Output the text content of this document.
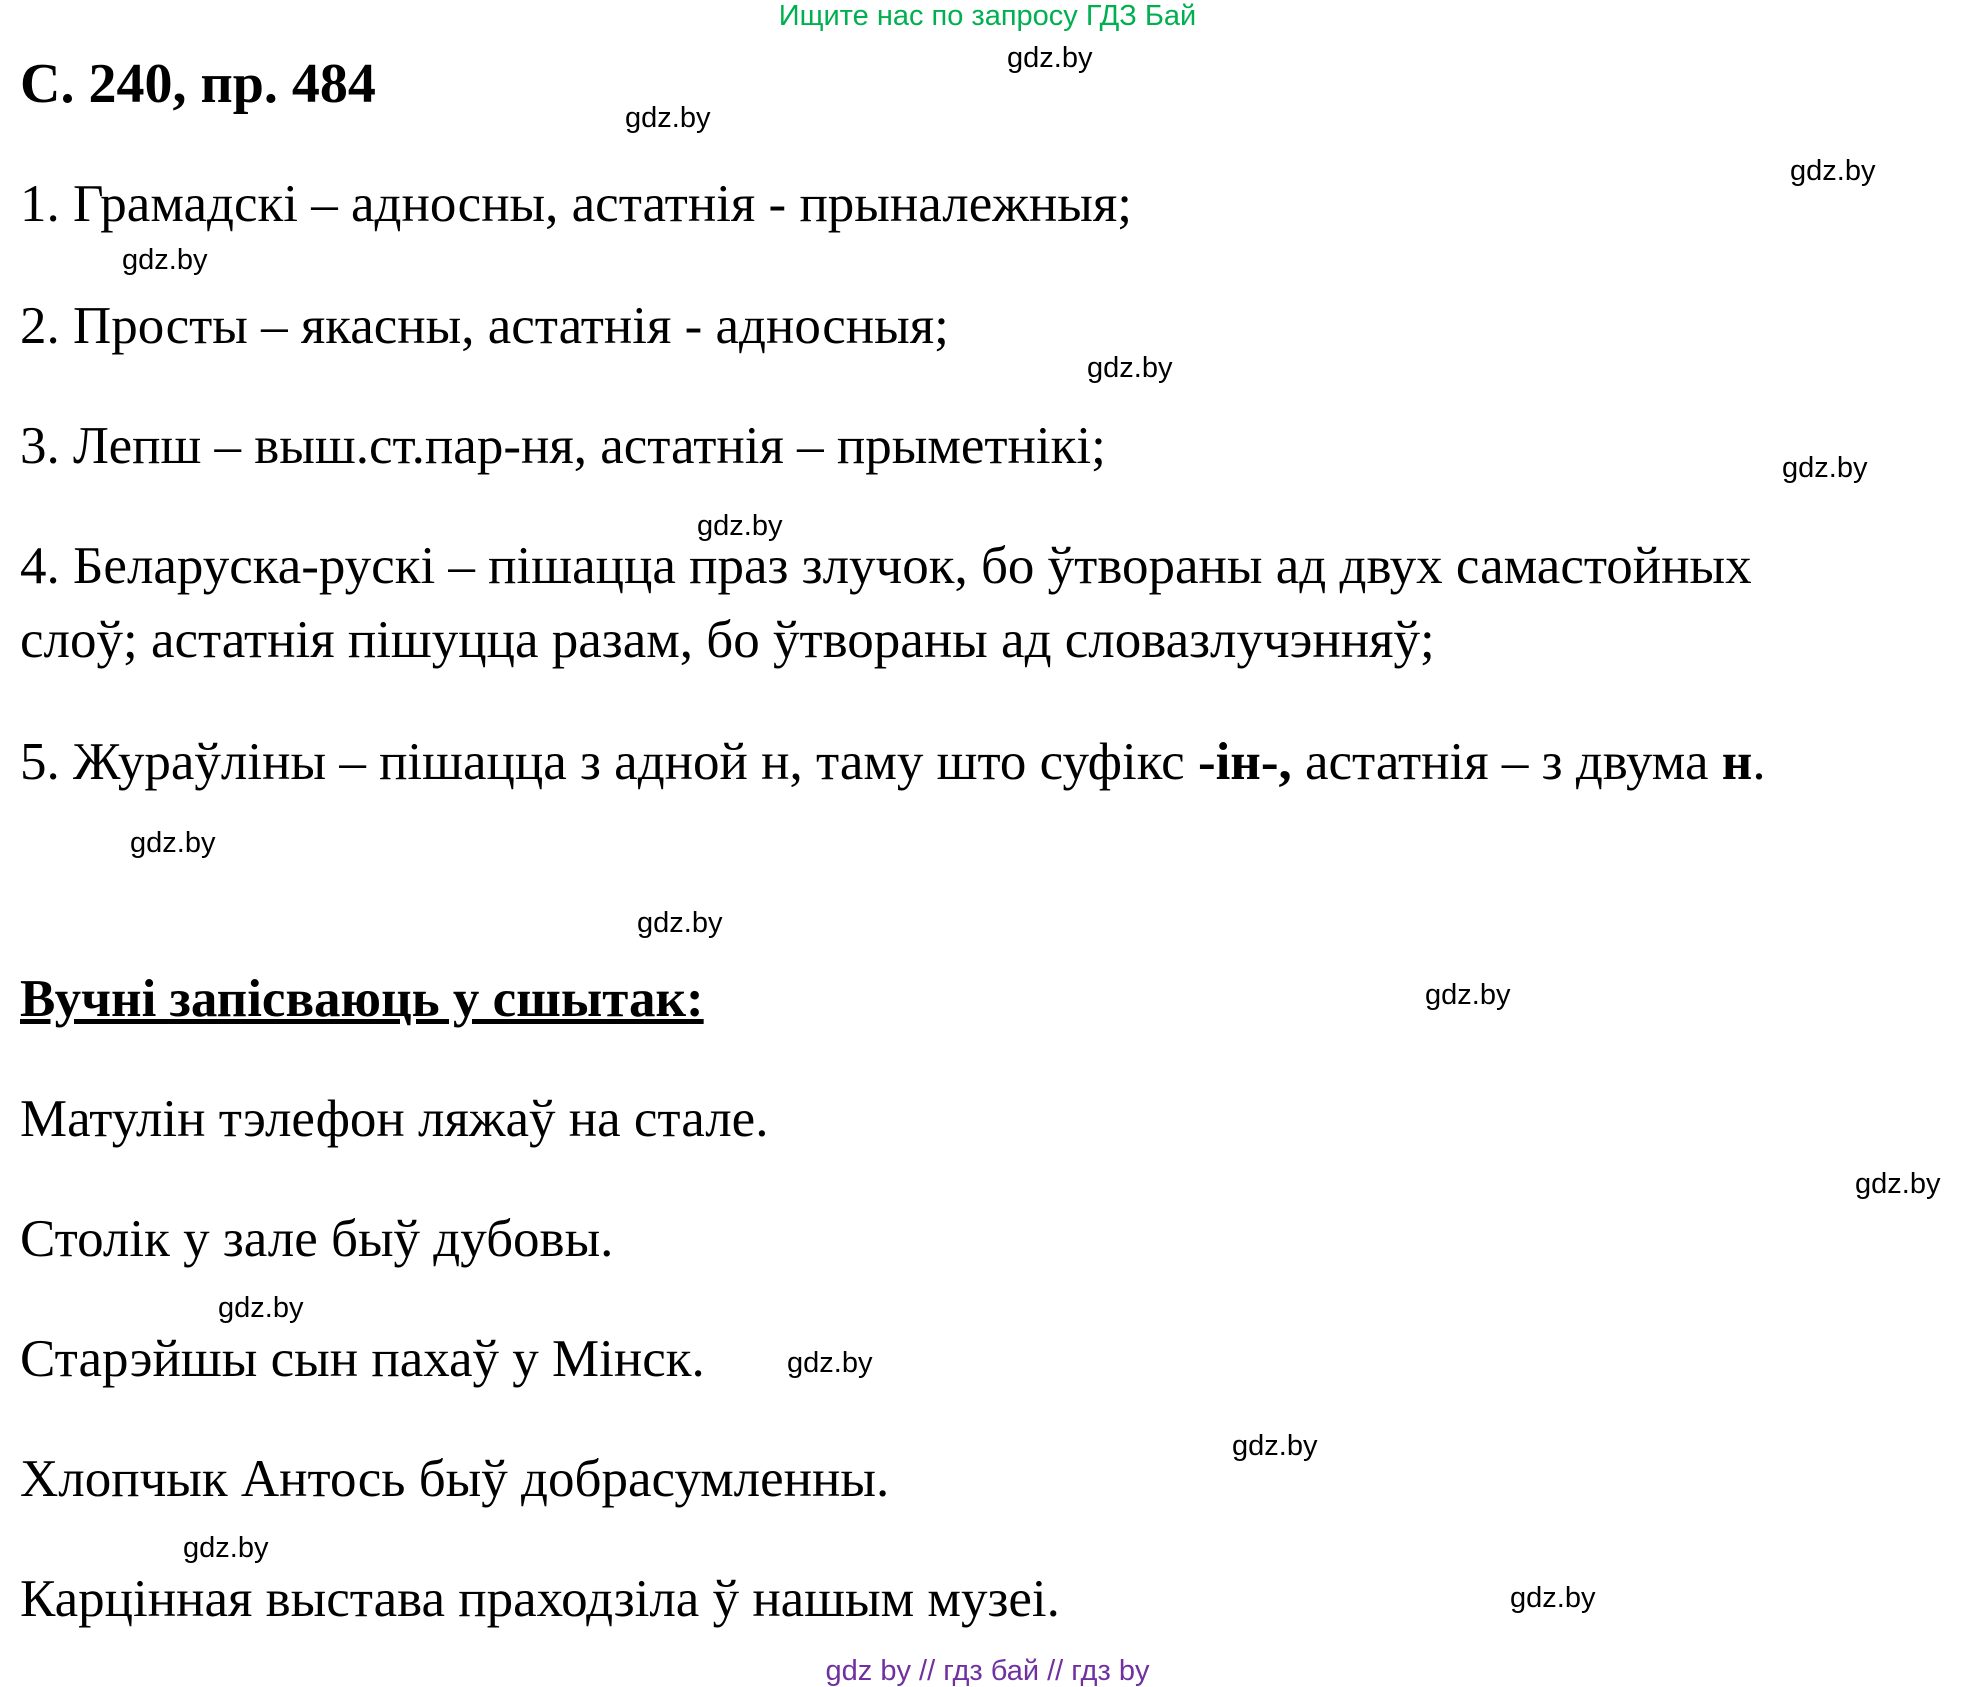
Ищите нас по запросу ГДЗ Бай
С. 240, пр. 484
1. Грамадскі – адносны, астатнія - прыналежныя;
2. Просты – якасны, астатнія - адносныя;
3. Лепш – выш.ст.пар-ня, астатнія – прыметнікі;
4. Беларуска-рускі – пішацца праз злучок, бо ўтвораны ад двух самастойных
слоў; астатнія пішуцца разам, бо ўтвораны ад словазлучэнняў;
5. Жураўліны – пішацца з адной н, таму што суфікс -ін-, астатнія – з двума н.
Вучні запісваюць у сшытак:
Матулін тэлефон ляжаў на стале.
Столік у зале быў дубовы.
Старэйшы сын пахаў у Мінск.
Хлопчык Антось быў добрасумленны.
Карцінная выстава праходзіла ў нашым музеі.
gdz.by
gdz.by
gdz.by
gdz.by
gdz.by
gdz.by
gdz.by
gdz.by
gdz.by
gdz.by
gdz.by
gdz.by
gdz.by
gdz.by
gdz.by
gdz.by
gdz by // гдз бай // гдз by
